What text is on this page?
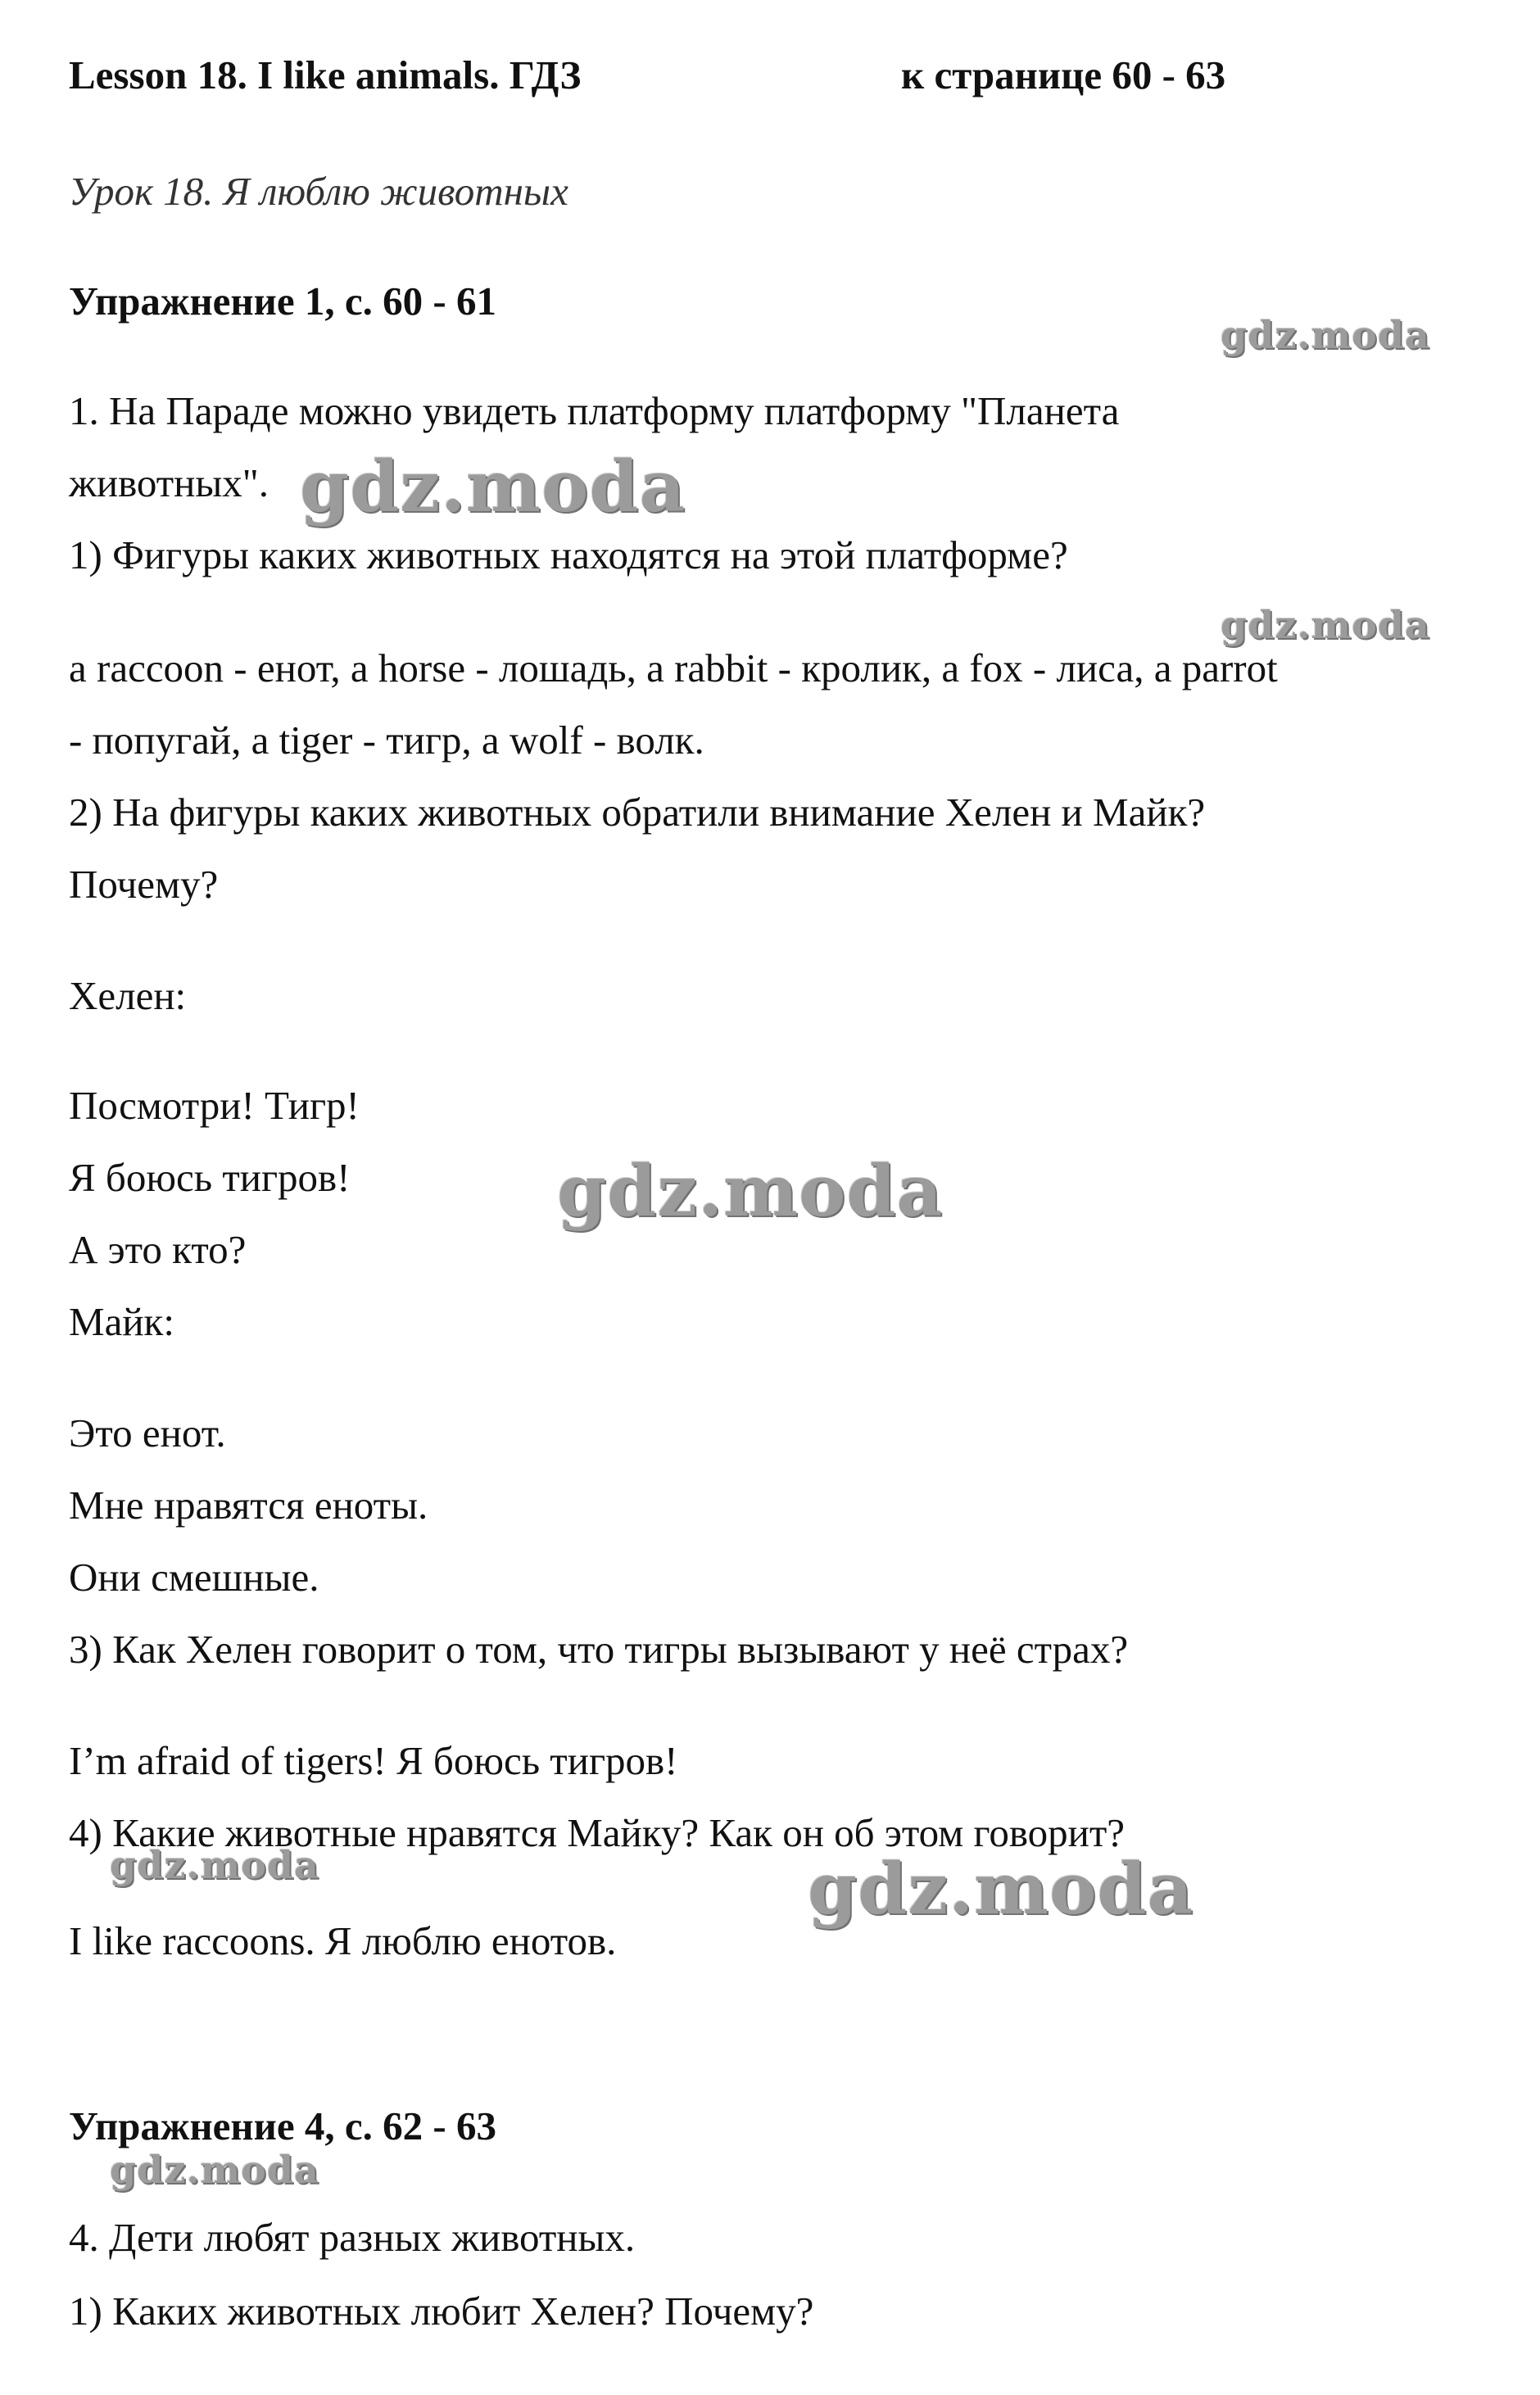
Lesson 18. I like animals. ГДЗ	к странице 60 - 63
Урок 18. Я люблю животных
Упражнение 1, с. 60 - 61
1. На Параде можно увидеть платформу платформу "Планета
животных".
1) Фигуры каких животных находятся на этой платформе?
a raccoon - енот, a horse - лошадь, a rabbit - кролик, a fox - лиса, a parrot
- попугай, a tiger - тигр, a wolf - волк.
2) На фигуры каких животных обратили внимание Хелен и Майк?
Почему?
Хелен:
Посмотри! Тигр!
Я боюсь тигров!
А это кто?
Майк:
Это енот.
Мне нравятся еноты.
Они смешные.
3) Как Хелен говорит о том, что тигры вызывают у неё страх?
I’m afraid of tigers! Я боюсь тигров!
4) Какие животные нравятся Майку? Как он об этом говорит?
I like raccoons. Я люблю енотов.
Упражнение 4, с. 62 - 63
4. Дети любят разных животных.
1) Каких животных любит Хелен? Почему?
gdz.moda
gdz.moda
gdz.moda
gdz.moda
gdz.moda	gdz.moda
gdz.moda
